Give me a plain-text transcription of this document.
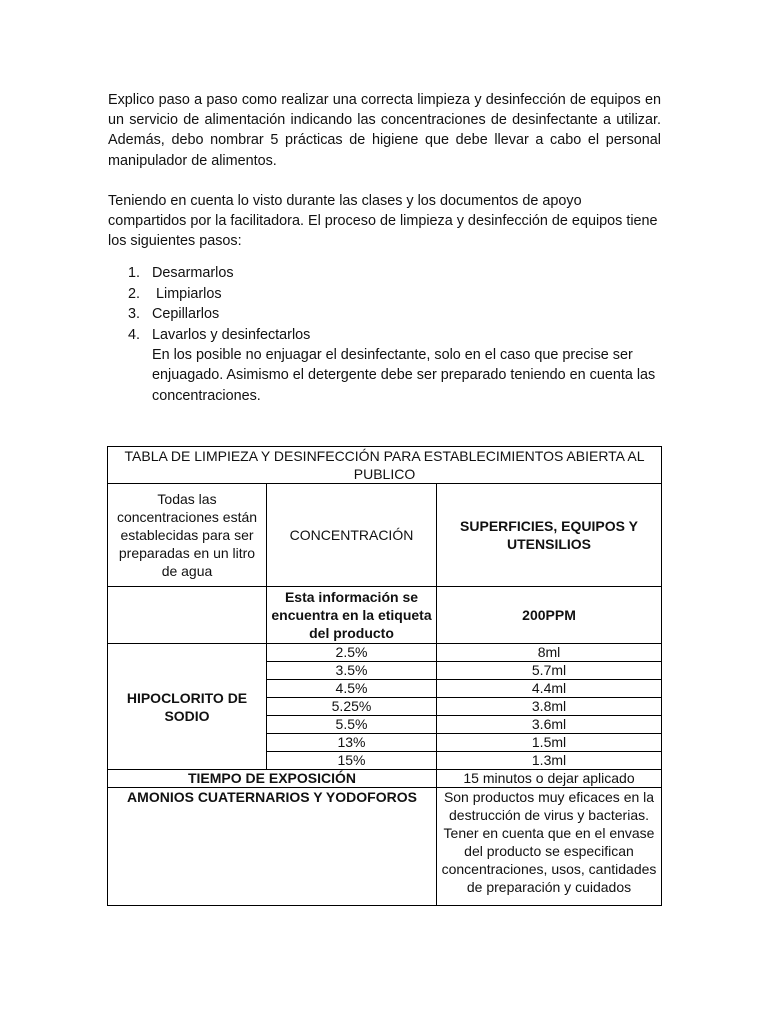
Explico paso a paso como realizar una correcta limpieza y desinfección de equipos en un servicio de alimentación indicando las concentraciones de desinfectante a utilizar. Además, debo nombrar 5 prácticas de higiene que debe llevar a cabo el personal manipulador de alimentos.

Teniendo en cuenta lo visto durante las clases y los documentos de apoyo compartidos por la facilitadora. El proceso de limpieza y desinfección de equipos tiene los siguientes pasos:

1. Desarmarlos
2. Limpiarlos
3. Cepillarlos
4. Lavarlos y desinfectarlos
En los posible no enjuagar el desinfectante, solo en el caso que precise ser enjuagado. Asimismo el detergente debe ser preparado teniendo en cuenta las concentraciones.
TABLA DE LIMPIEZA Y DESINFECCIÓN PARA ESTABLECIMIENTOS ABIERTA AL PUBLICO		
Todas las concentraciones están establecidas para ser preparadas en un litro de agua	CONCENTRACIÓN	SUPERFICIES, EQUIPOS Y UTENSILIOS
	Esta información se encuentra en la etiqueta del producto	200PPM
HIPOCLORITO DE SODIO	2.5%	8ml
	3.5%	5.7ml
	4.5%	4.4ml
	5.25%	3.8ml
	5.5%	3.6ml
	13%	1.5ml
	15%	1.3ml
TIEMPO DE EXPOSICIÓN		15 minutos o dejar aplicado
AMONIOS CUATERNARIOS Y YODOFOROS		Son productos muy eficaces en la destrucción de virus y bacterias. Tener en cuenta que en el envase del producto se especifican concentraciones, usos, cantidades de preparación y cuidados
